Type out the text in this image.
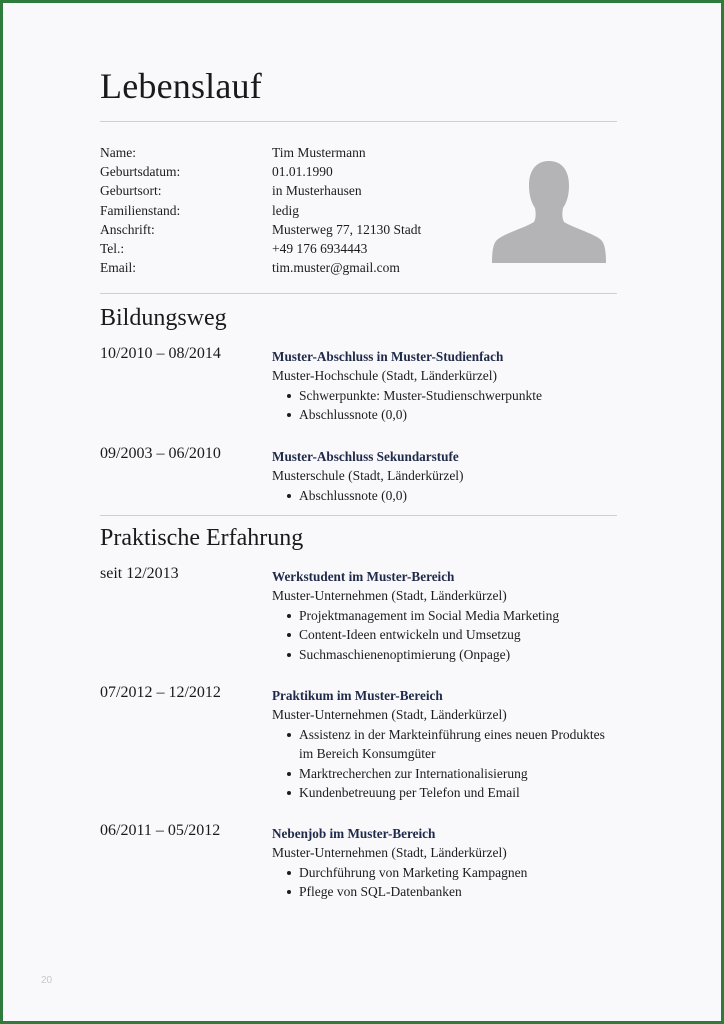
Lebenslauf
Name:	Tim Mustermann
Geburtsdatum:	01.01.1990
Geburtsort:	in Musterhausen
Familienstand:	ledig
Anschrift:	Musterweg 77, 12130 Stadt
Tel.:	+49 176 6934443
Email:	tim.muster@gmail.com
Bildungsweg
10/2010 – 08/2014	Muster-Abschluss in Muster-Studienfach
Muster-Hochschule (Stadt, Länderkürzel)
Schwerpunkte: Muster-Studienschwerpunkte
Abschlussnote (0,0)
09/2003 – 06/2010	Muster-Abschluss Sekundarstufe
Musterschule (Stadt, Länderkürzel)
Abschlussnote (0,0)
Praktische Erfahrung
seit 12/2013	Werkstudent im Muster-Bereich
Muster-Unternehmen (Stadt, Länderkürzel)
Projektmanagement im Social Media Marketing
Content-Ideen entwickeln und Umsetzug
Suchmaschienenoptimierung (Onpage)
07/2012 – 12/2012	Praktikum im Muster-Bereich
Muster-Unternehmen (Stadt, Länderkürzel)
Assistenz in der Markteinführung eines neuen Produktes im Bereich Konsumgüter
Marktrecherchen zur Internationalisierung
Kundenbetreuung per Telefon und Email
06/2011 – 05/2012	Nebenjob im Muster-Bereich
Muster-Unternehmen (Stadt, Länderkürzel)
Durchführung von Marketing Kampagnen
Pflege von SQL-Datenbanken
20
